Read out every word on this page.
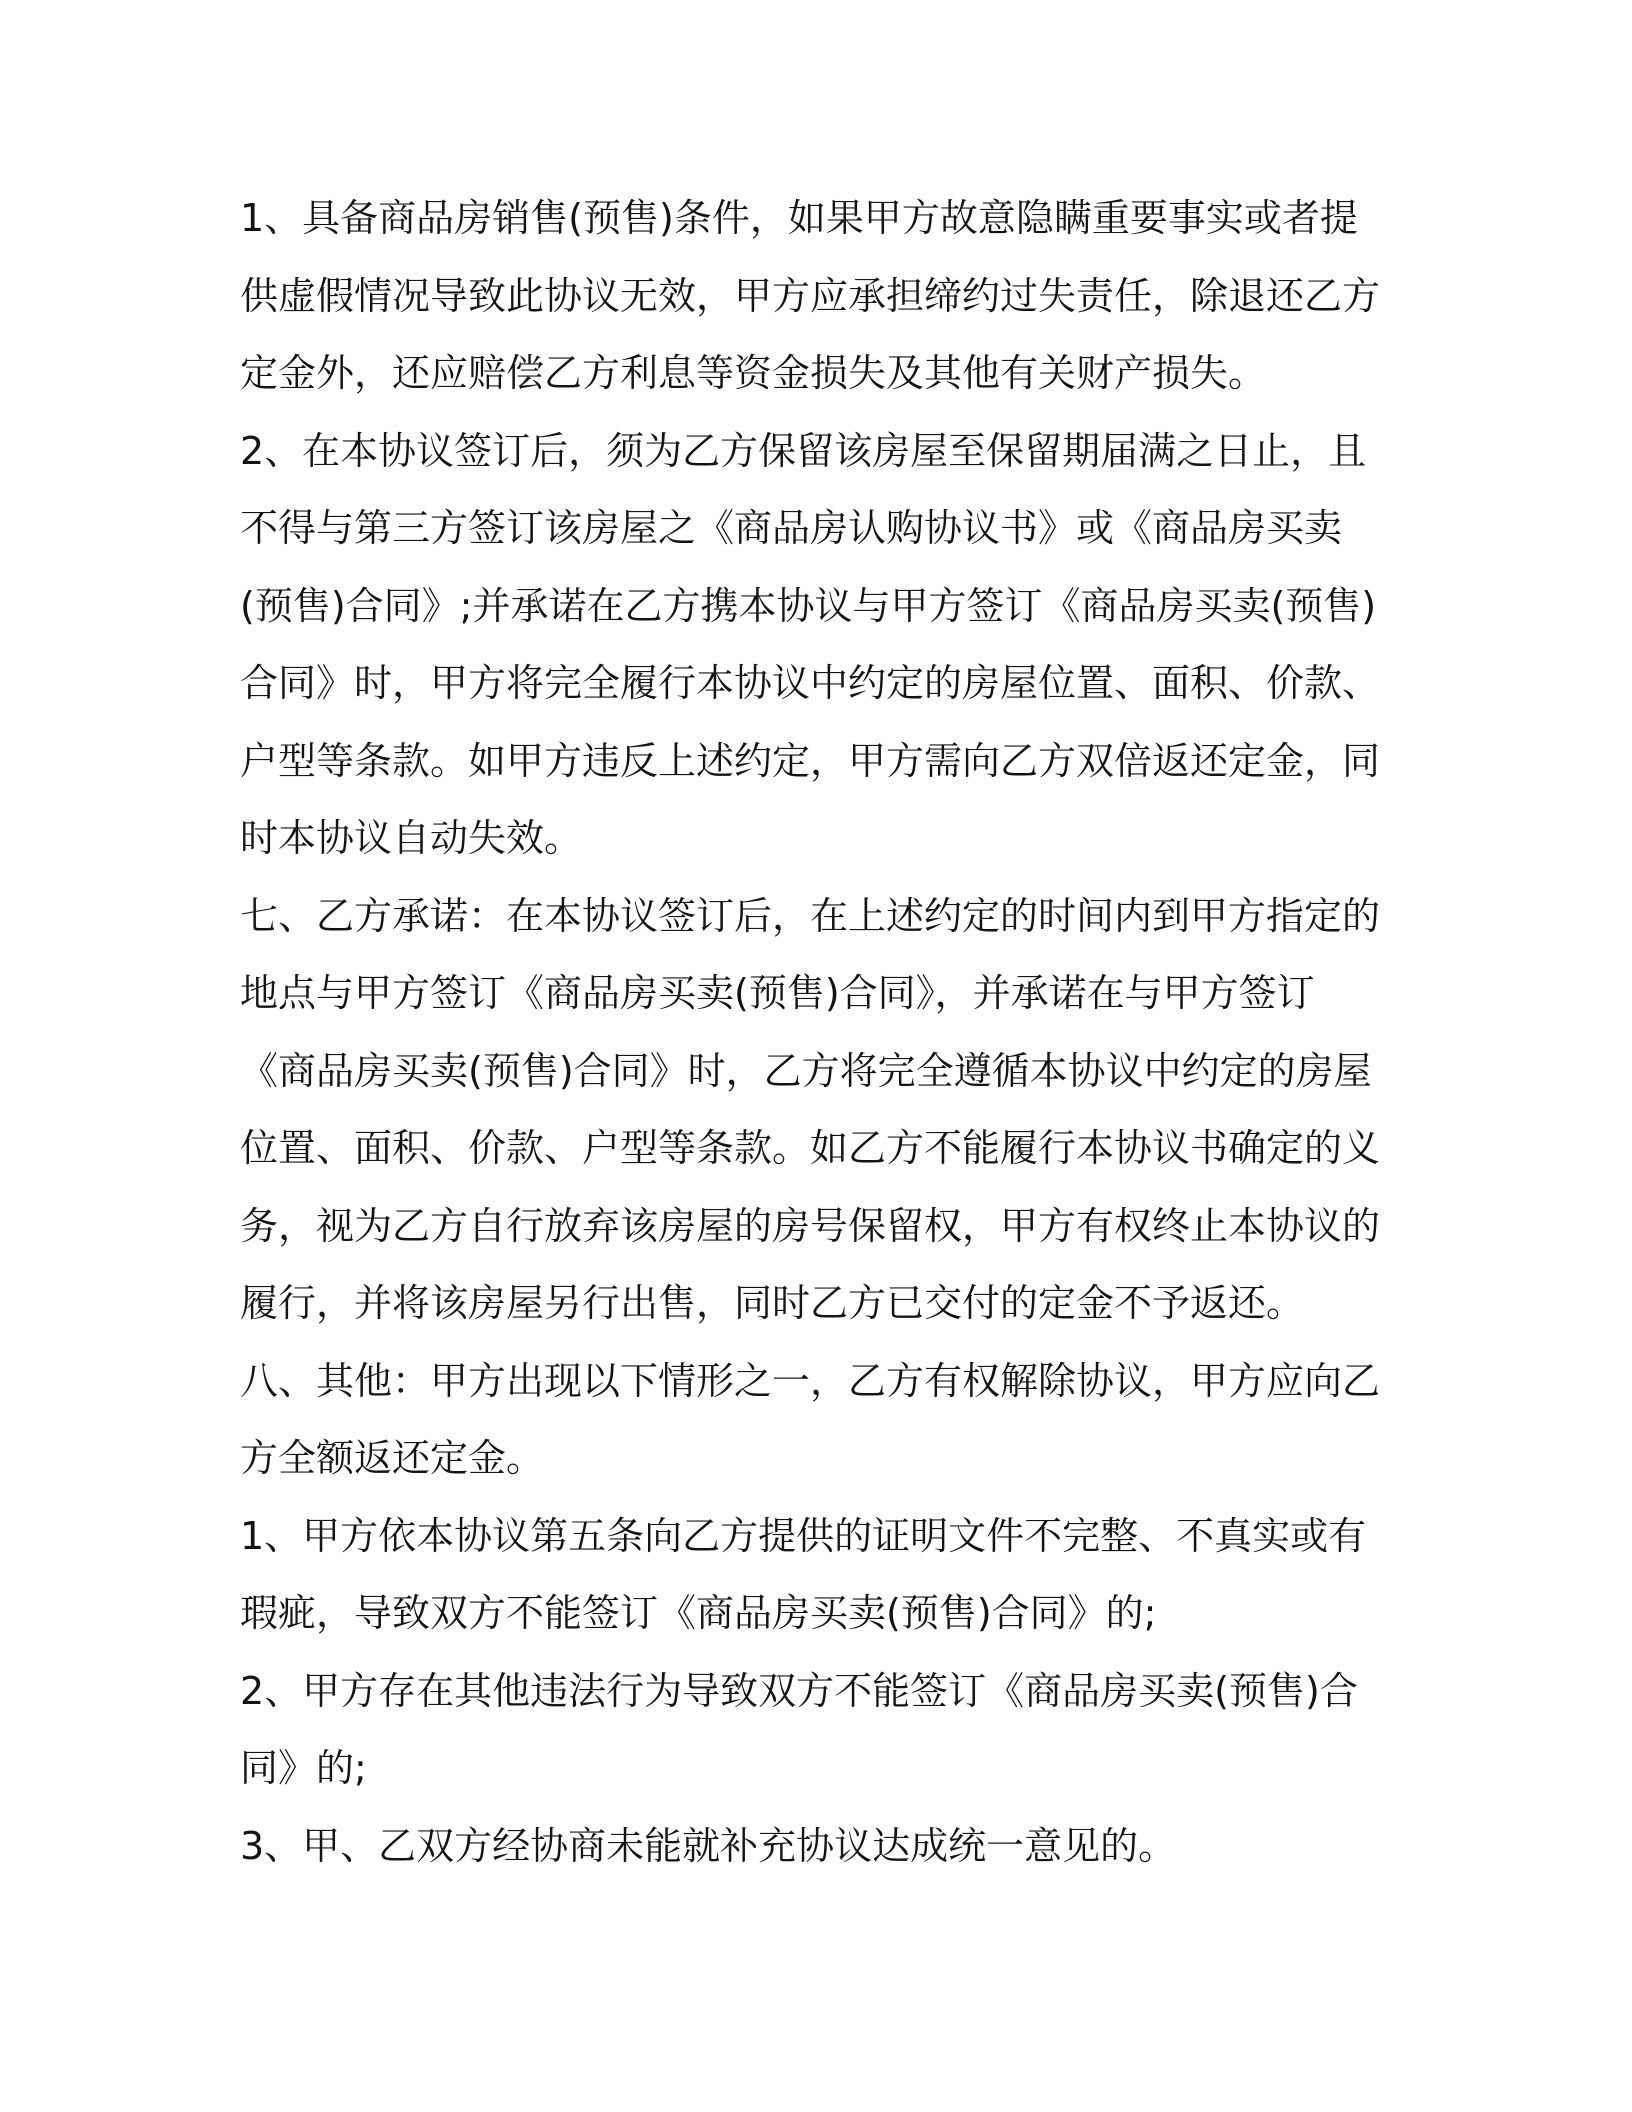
1、具备商品房销售(预售)条件，如果甲方故意隐瞒重要事实或者提供虚假情况导致此协议无效，甲方应承担缔约过失责任，除退还乙方定金外，还应赔偿乙方利息等资金损失及其他有关财产损失。

2、在本协议签订后，须为乙方保留该房屋至保留期届满之日止，且不得与第三方签订该房屋之《商品房认购协议书》或《商品房买卖(预售)合同》;并承诺在乙方携本协议与甲方签订《商品房买卖(预售)合同》时，甲方将完全履行本协议中约定的房屋位置、面积、价款、户型等条款。如甲方违反上述约定，甲方需向乙方双倍返还定金，同时本协议自动失效。

七、乙方承诺：在本协议签订后，在上述约定的时间内到甲方指定的地点与甲方签订《商品房买卖(预售)合同》，并承诺在与甲方签订《商品房买卖(预售)合同》时，乙方将完全遵循本协议中约定的房屋位置、面积、价款、户型等条款。如乙方不能履行本协议书确定的义务，视为乙方自行放弃该房屋的房号保留权，甲方有权终止本协议的履行，并将该房屋另行出售，同时乙方已交付的定金不予返还。

八、其他：甲方出现以下情形之一，乙方有权解除协议，甲方应向乙方全额返还定金。

1、甲方依本协议第五条向乙方提供的证明文件不完整、不真实或有瑕疵，导致双方不能签订《商品房买卖(预售)合同》的;

2、甲方存在其他违法行为导致双方不能签订《商品房买卖(预售)合同》的;

3、甲、乙双方经协商未能就补充协议达成统一意见的。
